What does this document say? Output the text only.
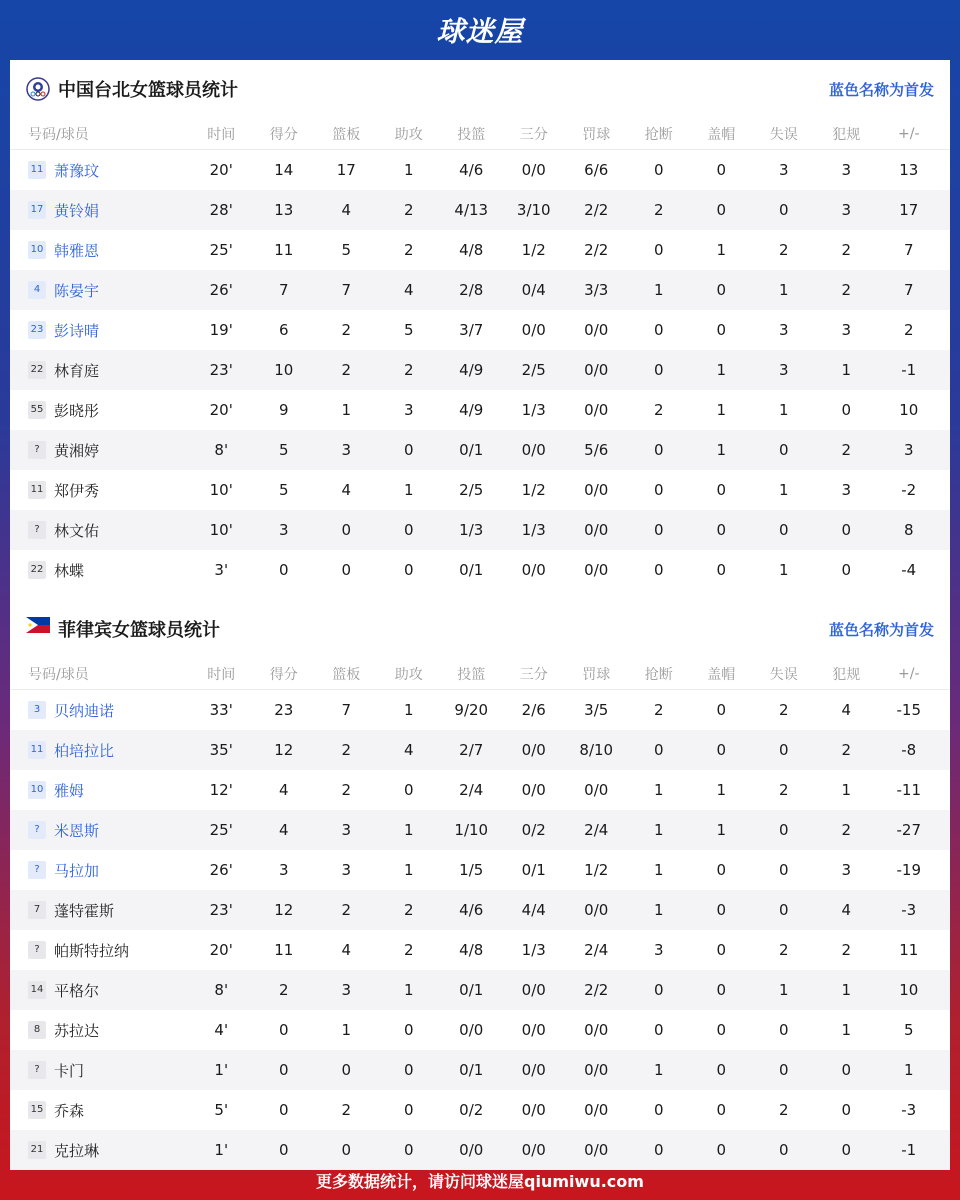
球迷屋
中国台北女篮球员统计	蓝色名称为首发
号码/球员	时间	得分	篮板	助攻	投篮	三分	罚球	抢断	盖帽	失误	犯规	+/-
11 萧豫玟	20'	14	17	1	4/6	0/0	6/6	0	0	3	3	13
17 黄铃娟	28'	13	4	2	4/13	3/10	2/2	2	0	0	3	17
10 韩雅恩	25'	11	5	2	4/8	1/2	2/2	0	1	2	2	7
4 陈晏宇	26'	7	7	4	2/8	0/4	3/3	1	0	1	2	7
23 彭诗晴	19'	6	2	5	3/7	0/0	0/0	0	0	3	3	2
22 林育庭	23'	10	2	2	4/9	2/5	0/0	0	1	3	1	-1
55 彭晓彤	20'	9	1	3	4/9	1/3	0/0	2	1	1	0	10
? 黄湘婷	8'	5	3	0	0/1	0/0	5/6	0	1	0	2	3
11 郑伊秀	10'	5	4	1	2/5	1/2	0/0	0	0	1	3	-2
? 林文佑	10'	3	0	0	1/3	1/3	0/0	0	0	0	0	8
22 林蝶	3'	0	0	0	0/1	0/0	0/0	0	0	1	0	-4
菲律宾女篮球员统计	蓝色名称为首发
号码/球员	时间	得分	篮板	助攻	投篮	三分	罚球	抢断	盖帽	失误	犯规	+/-
3 贝纳迪诺	33'	23	7	1	9/20	2/6	3/5	2	0	2	4	-15
11 柏培拉比	35'	12	2	4	2/7	0/0	8/10	0	0	0	2	-8
10 雅姆	12'	4	2	0	2/4	0/0	0/0	1	1	2	1	-11
? 米恩斯	25'	4	3	1	1/10	0/2	2/4	1	1	0	2	-27
? 马拉加	26'	3	3	1	1/5	0/1	1/2	1	0	0	3	-19
7 蓬特霍斯	23'	12	2	2	4/6	4/4	0/0	1	0	0	4	-3
? 帕斯特拉纳	20'	11	4	2	4/8	1/3	2/4	3	0	2	2	11
14 平格尔	8'	2	3	1	0/1	0/0	2/2	0	0	1	1	10
8 苏拉达	4'	0	1	0	0/0	0/0	0/0	0	0	0	1	5
? 卡门	1'	0	0	0	0/1	0/0	0/0	1	0	0	0	1
15 乔森	5'	0	2	0	0/2	0/0	0/0	0	0	2	0	-3
21 克拉琳	1'	0	0	0	0/0	0/0	0/0	0	0	0	0	-1
更多数据统计，请访问球迷屋qiumiwu.com
